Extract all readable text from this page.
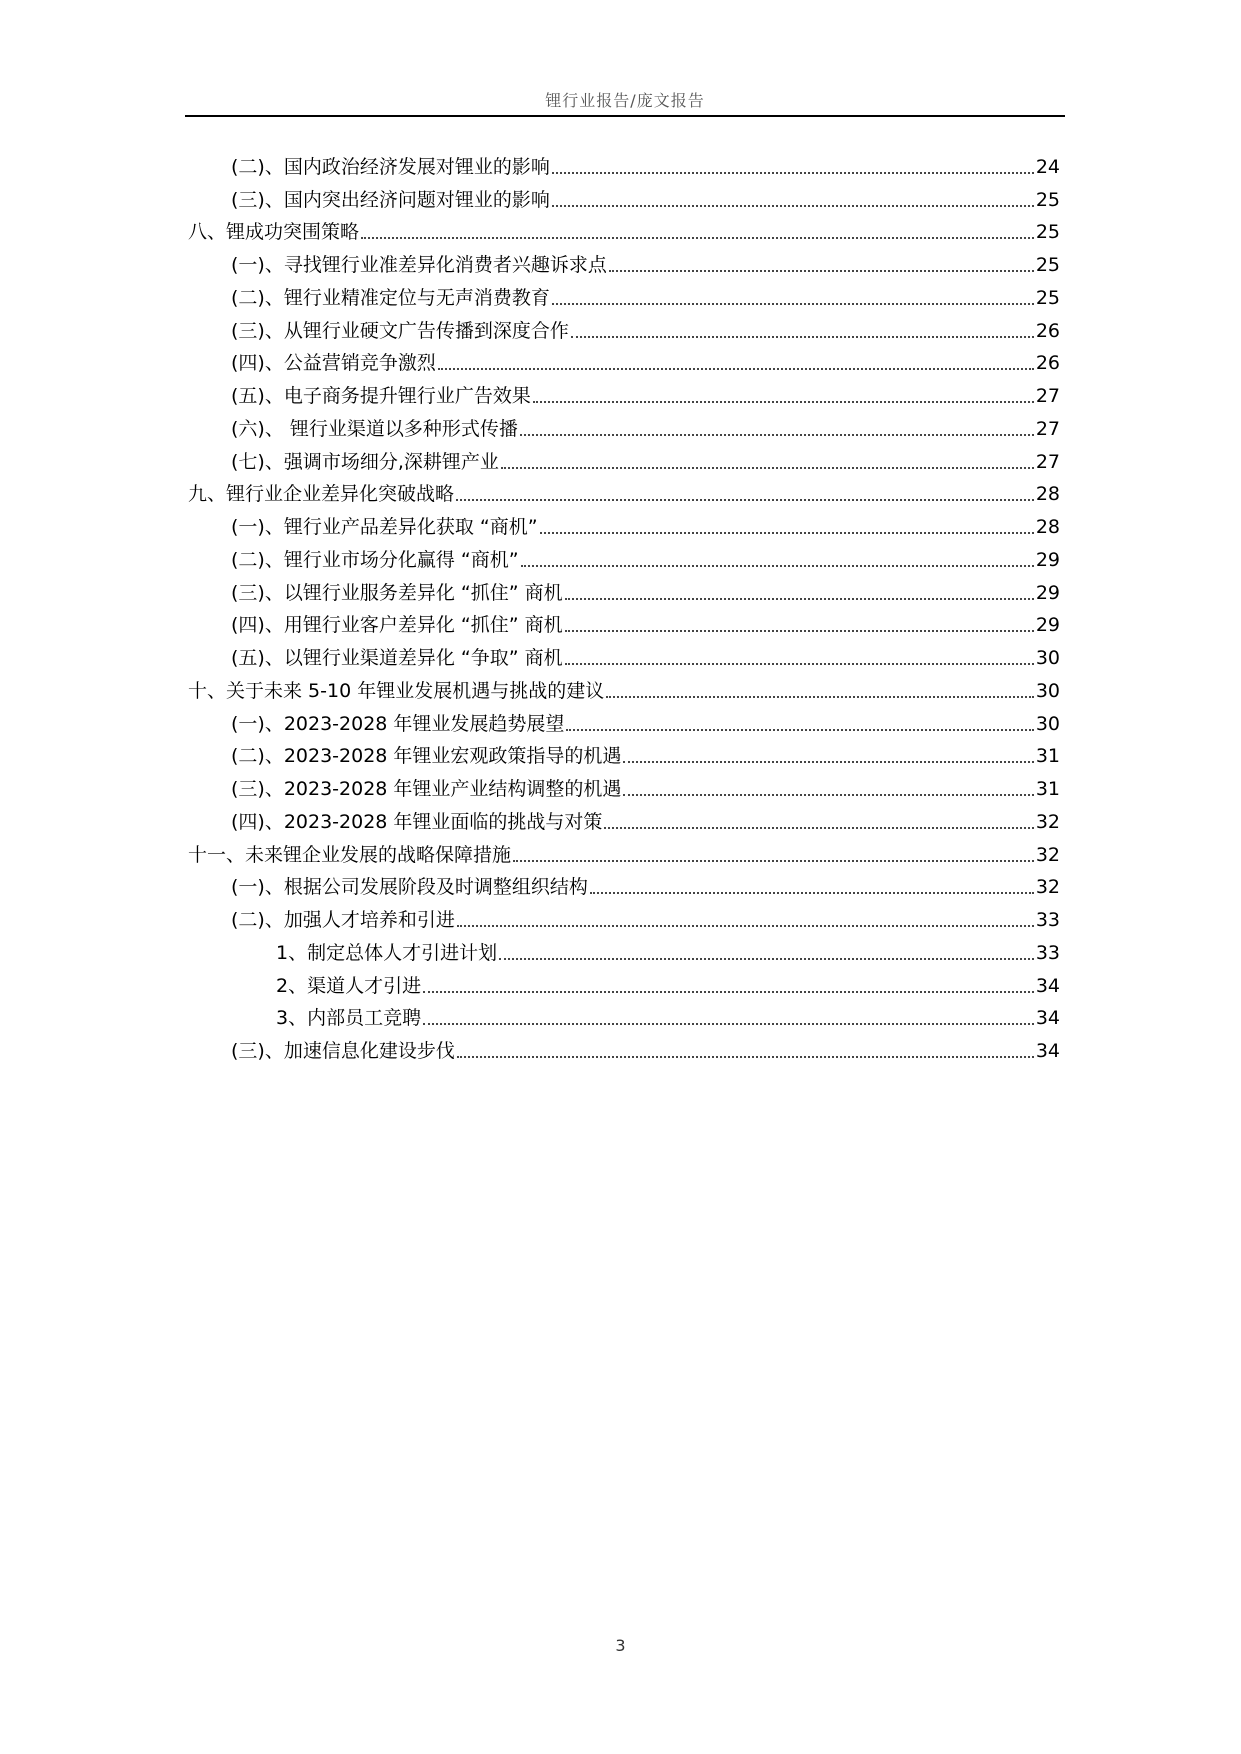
锂行业报告/庞文报告
(二)、国内政治经济发展对锂业的影响	24
(三)、国内突出经济问题对锂业的影响	25
八、锂成功突围策略	25
(一)、寻找锂行业准差异化消费者兴趣诉求点	25
(二)、锂行业精准定位与无声消费教育	25
(三)、从锂行业硬文广告传播到深度合作	26
(四)、公益营销竞争激烈	26
(五)、电子商务提升锂行业广告效果	27
(六)、 锂行业渠道以多种形式传播	27
(七)、强调市场细分,深耕锂产业	27
九、锂行业企业差异化突破战略	28
(一)、锂行业产品差异化获取 “商机”	28
(二)、锂行业市场分化赢得 “商机”	29
(三)、以锂行业服务差异化 “抓住” 商机	29
(四)、用锂行业客户差异化 “抓住” 商机	29
(五)、以锂行业渠道差异化 “争取” 商机	30
十、关于未来 5-10 年锂业发展机遇与挑战的建议	30
(一)、2023-2028 年锂业发展趋势展望	30
(二)、2023-2028 年锂业宏观政策指导的机遇	31
(三)、2023-2028 年锂业产业结构调整的机遇	31
(四)、2023-2028 年锂业面临的挑战与对策	32
十一、未来锂企业发展的战略保障措施	32
(一)、根据公司发展阶段及时调整组织结构	32
(二)、加强人才培养和引进	33
1、制定总体人才引进计划	33
2、渠道人才引进	34
3、内部员工竞聘	34
(三)、加速信息化建设步伐	34
3
